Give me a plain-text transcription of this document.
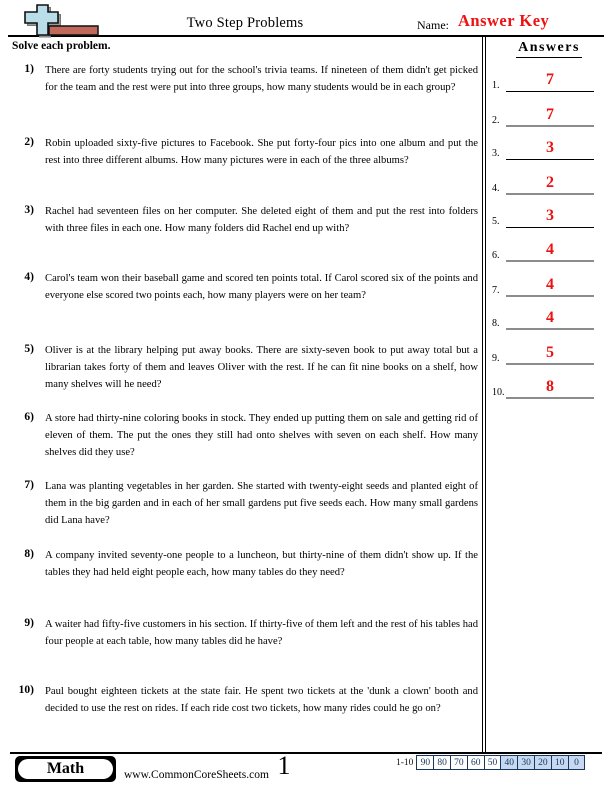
Two Step Problems	Name: Answer Key
Solve each problem.	Answers
1.	7
2.	7
3.	3
4.	2
5.	3
6.	4
7.	4
8.	4
9.	5
10.	8
1) There are forty students trying out for the school's trivia teams. If nineteen of them didn't get picked for the team and the rest were put into three groups, how many students would be in each group?
2) Robin uploaded sixty-five pictures to Facebook. She put forty-four pics into one album and put the rest into three different albums. How many pictures were in each of the three albums?
3) Rachel had seventeen files on her computer. She deleted eight of them and put the rest into folders with three files in each one. How many folders did Rachel end up with?
4) Carol's team won their baseball game and scored ten points total. If Carol scored six of the points and everyone else scored two points each, how many players were on her team?
5) Oliver is at the library helping put away books. There are sixty-seven book to put away total but a librarian takes forty of them and leaves Oliver with the rest. If he can fit nine books on a shelf, how many shelves will he need?
6) A store had thirty-nine coloring books in stock. They ended up putting them on sale and getting rid of eleven of them. The put the ones they still had onto shelves with seven on each shelf. How many shelves did they use?
7) Lana was planting vegetables in her garden. She started with twenty-eight seeds and planted eight of them in the big garden and in each of her small gardens put five seeds each. How many small gardens did Lana have?
8) A company invited seventy-one people to a luncheon, but thirty-nine of them didn't show up. If the tables they had held eight people each, how many tables do they need?
9) A waiter had fifty-five customers in his section. If thirty-five of them left and the rest of his tables had four people at each table, how many tables did he have?
10) Paul bought eighteen tickets at the state fair. He spent two tickets at the 'dunk a clown' booth and decided to use the rest on rides. If each ride cost two tickets, how many rides could he go on?
Math	www.CommonCoreSheets.com 1	1-10 90 80 70 60 50 40 30 20 10	0
